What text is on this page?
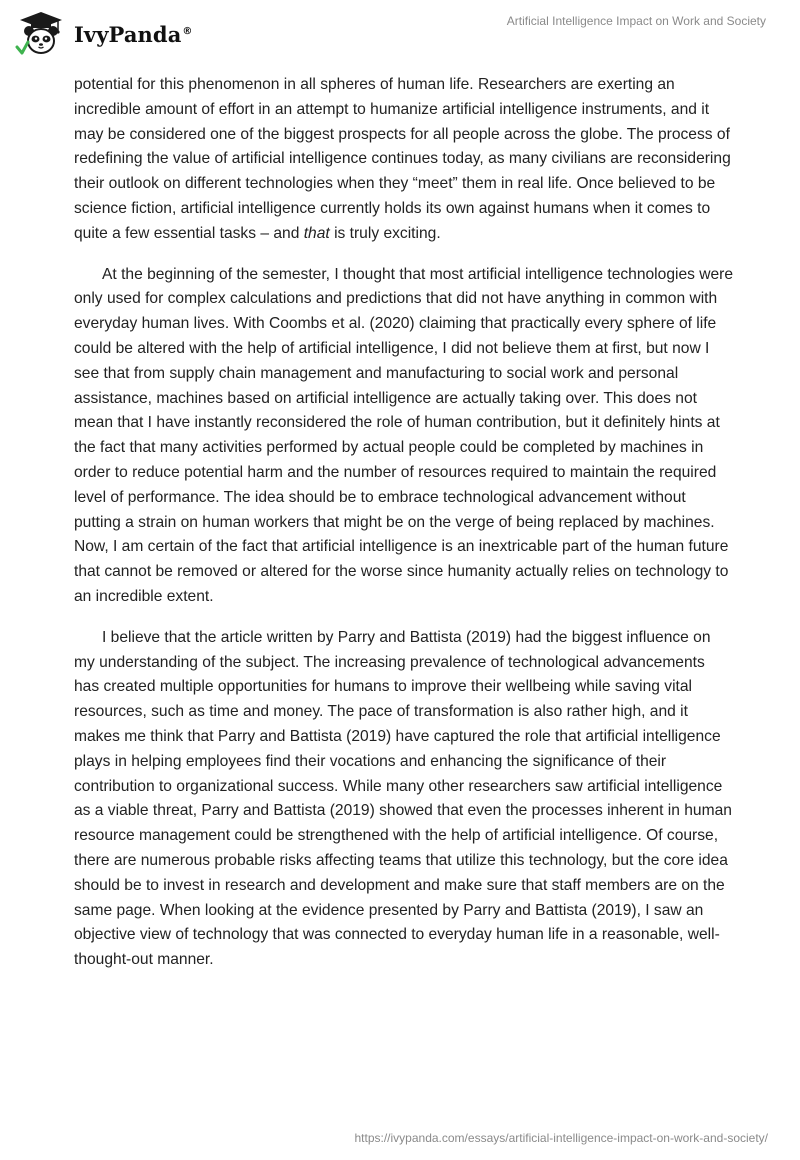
IvyPanda®
Artificial Intelligence Impact on Work and Society

potential for this phenomenon in all spheres of human life. Researchers are exerting an incredible amount of effort in an attempt to humanize artificial intelligence instruments, and it may be considered one of the biggest prospects for all people across the globe. The process of redefining the value of artificial intelligence continues today, as many civilians are reconsidering their outlook on different technologies when they “meet” them in real life. Once believed to be science fiction, artificial intelligence currently holds its own against humans when it comes to quite a few essential tasks – and that is truly exciting.

At the beginning of the semester, I thought that most artificial intelligence technologies were only used for complex calculations and predictions that did not have anything in common with everyday human lives. With Coombs et al. (2020) claiming that practically every sphere of life could be altered with the help of artificial intelligence, I did not believe them at first, but now I see that from supply chain management and manufacturing to social work and personal assistance, machines based on artificial intelligence are actually taking over. This does not mean that I have instantly reconsidered the role of human contribution, but it definitely hints at the fact that many activities performed by actual people could be completed by machines in order to reduce potential harm and the number of resources required to maintain the required level of performance. The idea should be to embrace technological advancement without putting a strain on human workers that might be on the verge of being replaced by machines. Now, I am certain of the fact that artificial intelligence is an inextricable part of the human future that cannot be removed or altered for the worse since humanity actually relies on technology to an incredible extent.

I believe that the article written by Parry and Battista (2019) had the biggest influence on my understanding of the subject. The increasing prevalence of technological advancements has created multiple opportunities for humans to improve their wellbeing while saving vital resources, such as time and money. The pace of transformation is also rather high, and it makes me think that Parry and Battista (2019) have captured the role that artificial intelligence plays in helping employees find their vocations and enhancing the significance of their contribution to organizational success. While many other researchers saw artificial intelligence as a viable threat, Parry and Battista (2019) showed that even the processes inherent in human resource management could be strengthened with the help of artificial intelligence. Of course, there are numerous probable risks affecting teams that utilize this technology, but the core idea should be to invest in research and development and make sure that staff members are on the same page. When looking at the evidence presented by Parry and Battista (2019), I saw an objective view of technology that was connected to everyday human life in a reasonable, well-thought-out manner.

https://ivypanda.com/essays/artificial-intelligence-impact-on-work-and-society/
